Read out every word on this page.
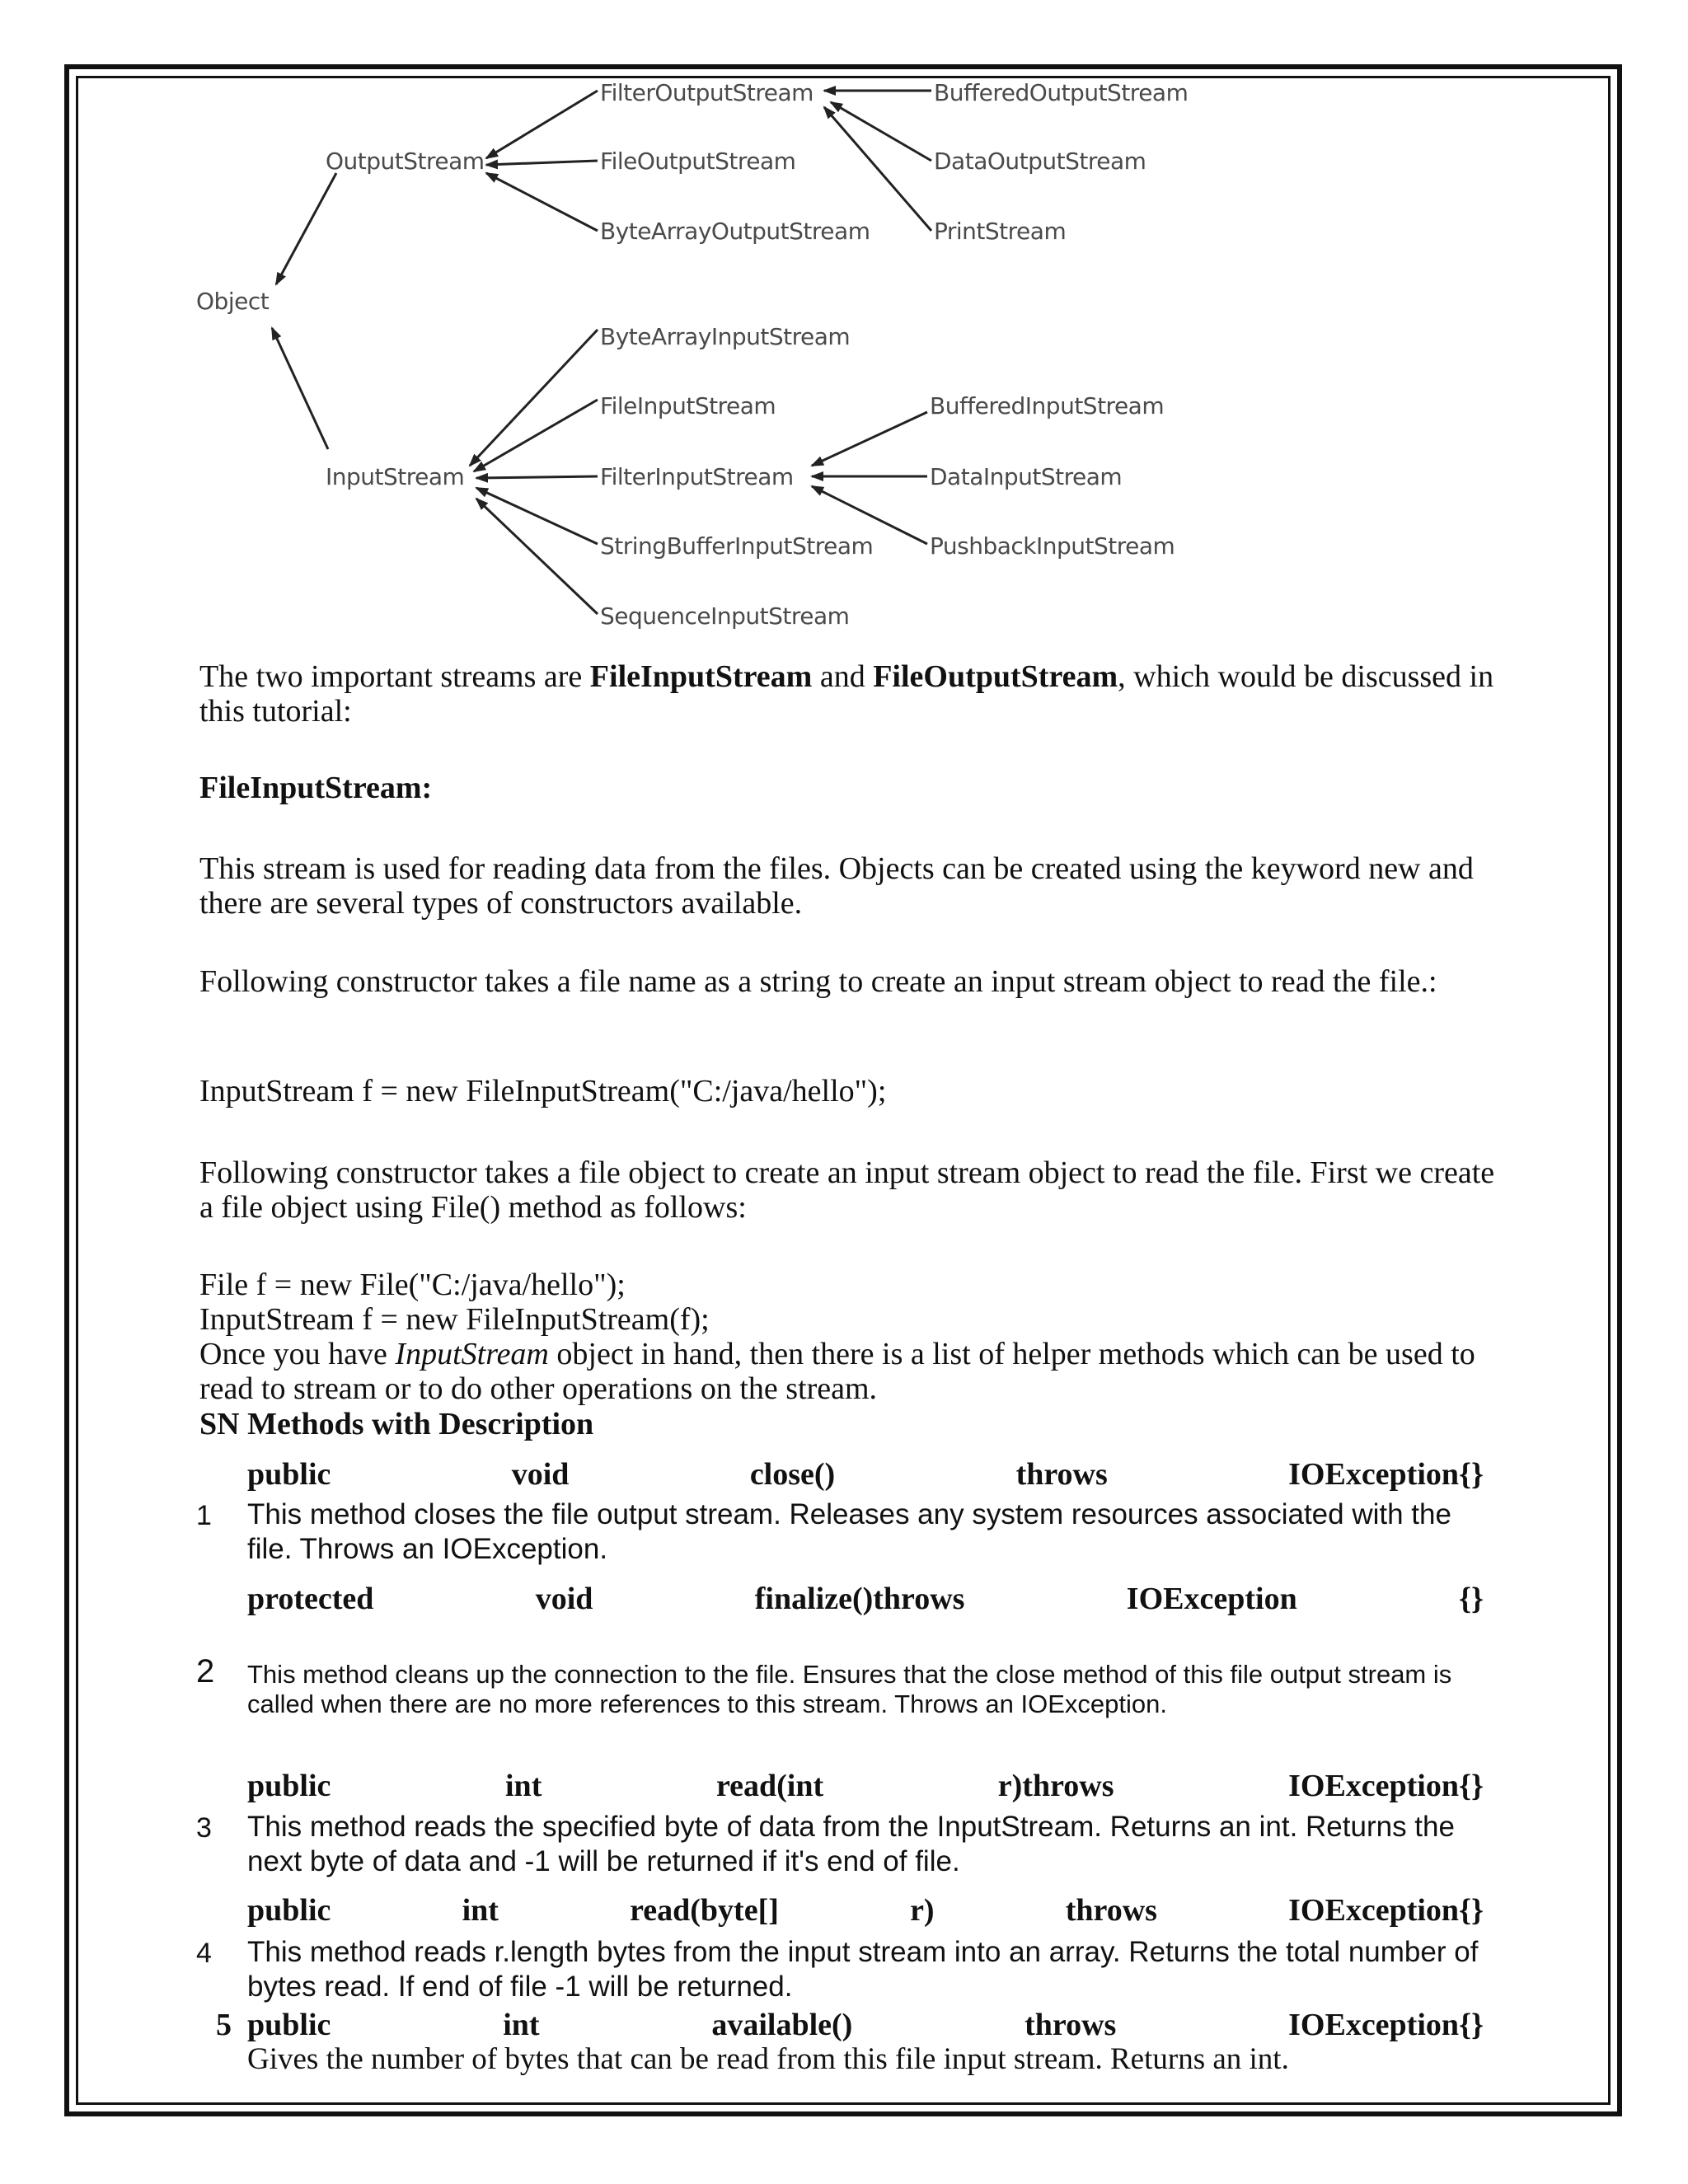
Object
OutputStream
FilterOutputStream
FileOutputStream
ByteArrayOutputStream
BufferedOutputStream
DataOutputStream
PrintStream
InputStream
ByteArrayInputStream
FileInputStream
FilterInputStream
StringBufferInputStream
SequenceInputStream
BufferedInputStream
DataInputStream
PushbackInputStream

The two important streams are FileInputStream and FileOutputStream, which would be discussed in this tutorial:

FileInputStream:

This stream is used for reading data from the files. Objects can be created using the keyword new and there are several types of constructors available.

Following constructor takes a file name as a string to create an input stream object to read the file.:

InputStream f = new FileInputStream("C:/java/hello");

Following constructor takes a file object to create an input stream object to read the file. First we create a file object using File() method as follows:

File f = new File("C:/java/hello");

InputStream f = new FileInputStream(f);

Once you have InputStream object in hand, then there is a list of helper methods which can be used to read to stream or to do other operations on the stream.

SN Methods with Description

public	void	close()	throws	IOException{}
1 This method closes the file output stream. Releases any system resources associated with the file. Throws an IOException.

protected	void	finalize()throws	IOException	{}
2 This method cleans up the connection to the file. Ensures that the close method of this file output stream is called when there are no more references to this stream. Throws an IOException.

public	int	read(int	r)throws	IOException{}
3 This method reads the specified byte of data from the InputStream. Returns an int. Returns the next byte of data and -1 will be returned if it's end of file.

public	int	read(byte[]	r)	throws	IOException{}
4 This method reads r.length bytes from the input stream into an array. Returns the total number of bytes read. If end of file -1 will be returned.

5 public	int	available()	throws	IOException{}

Gives the number of bytes that can be read from this file input stream. Returns an int.
